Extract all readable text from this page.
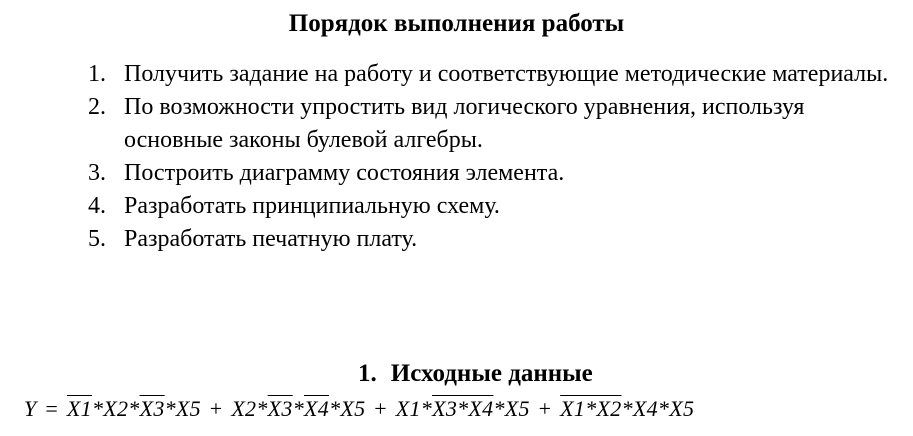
Порядок выполнения работы
1. Получить задание на работу и соответствующие методические материалы.
2. По возможности упростить вид логического уравнения, используя основные законы булевой алгебры.
3. Построить диаграмму состояния элемента.
4. Разработать принципиальную схему.
5. Разработать печатную плату.
1. Исходные данные
Y = X1*X2*X3*X5 + X2*X3*X4*X5 + X1*X3*X4*X5 + X1*X2*X4*X5
